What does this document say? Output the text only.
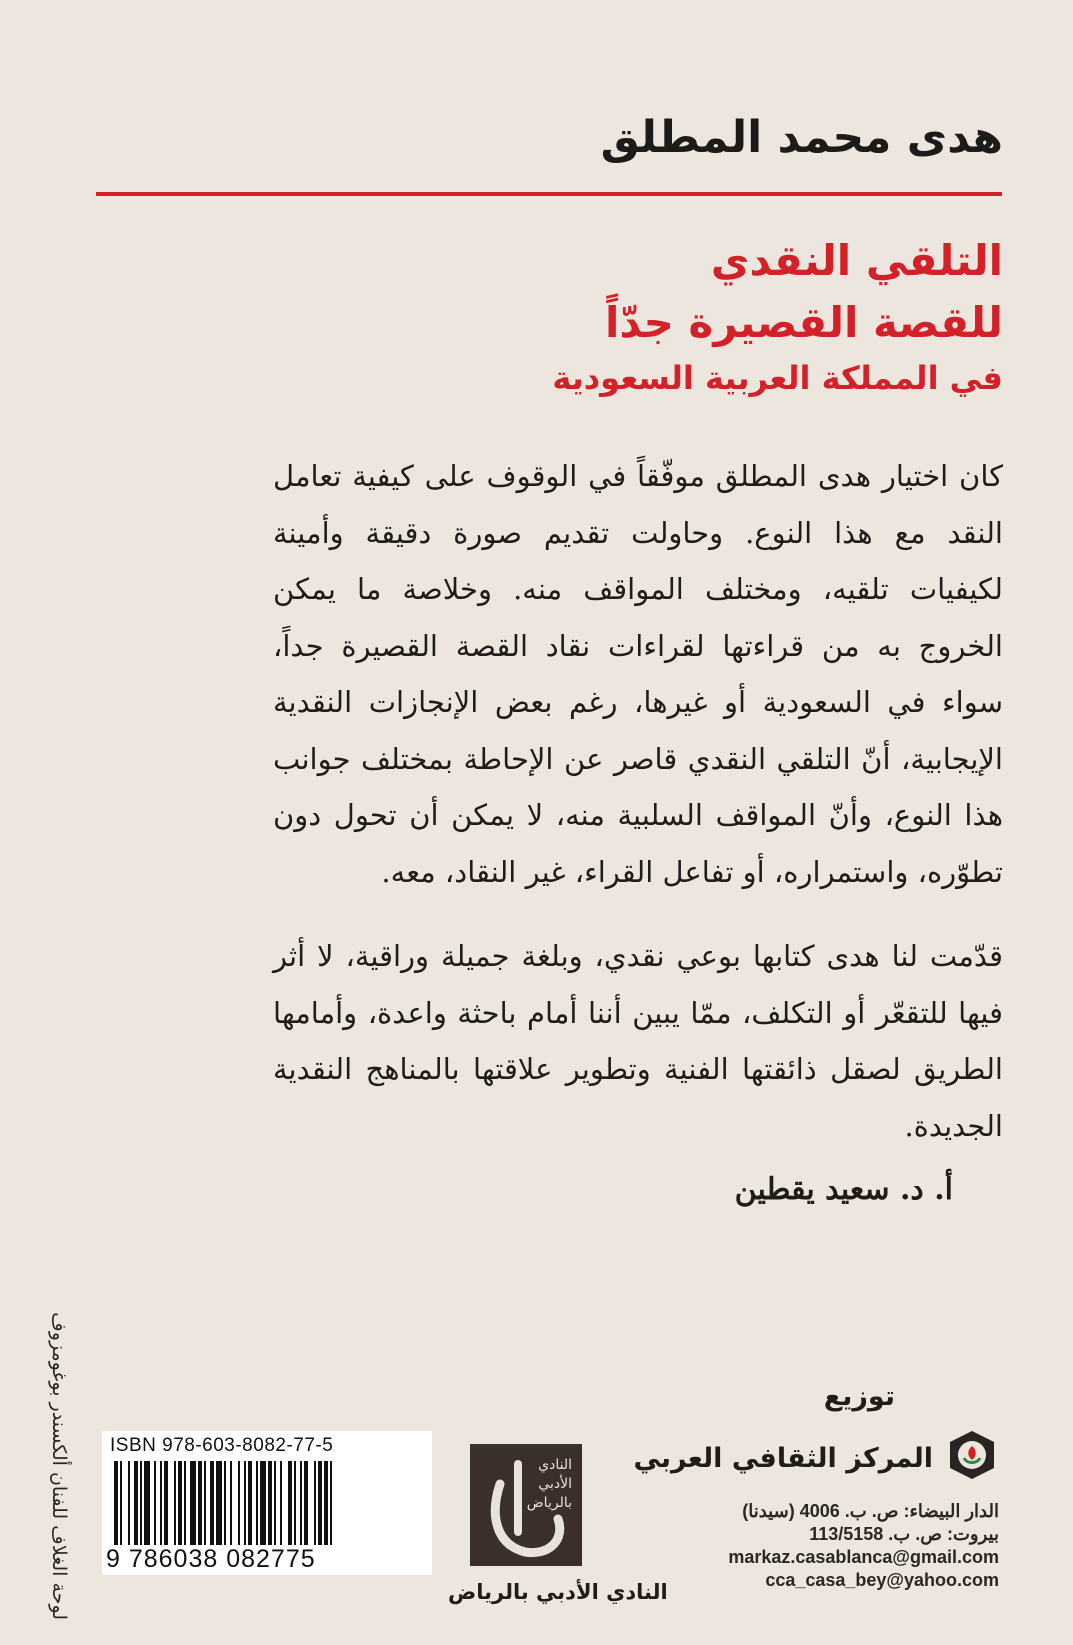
هدى محمد المطلق
التلقي النقدي
للقصة القصيرة جدّاً
في المملكة العربية السعودية

كان اختيار هدى المطلق موفّقاً في الوقوف على كيفية تعامل النقد مع هذا النوع. وحاولت تقديم صورة دقيقة وأمينة لكيفيات تلقيه، ومختلف المواقف منه. وخلاصة ما يمكن الخروج به من قراءتها لقراءات نقاد القصة القصيرة جداً، سواء في السعودية أو غيرها، رغم بعض الإنجازات النقدية الإيجابية، أنّ التلقي النقدي قاصر عن الإحاطة بمختلف جوانب هذا النوع، وأنّ المواقف السلبية منه، لا يمكن أن تحول دون تطوّره، واستمراره، أو تفاعل القراء، غير النقاد، معه.

قدّمت لنا هدى كتابها بوعي نقدي، وبلغة جميلة وراقية، لا أثر فيها للتقعّر أو التكلف، ممّا يبين أننا أمام باحثة واعدة، وأمامها الطريق لصقل ذائقتها الفنية وتطوير علاقتها بالمناهج النقدية الجديدة.

أ. د. سعيد يقطين
لوحة الغلاف للفنان ألكسندر بوغومزوف ISBN 978-603-8082-77-5
9 786038 082775
النادي الأدبي بالرياض
النادي الأدبي بالرياض
توزيع
المركز الثقافي العربي
الدار البيضاء: ص. ب. 4006 (سيدنا)
بيروت: ص. ب. 113/5158
markaz.casablanca@gmail.com
cca_casa_bey@yahoo.com
